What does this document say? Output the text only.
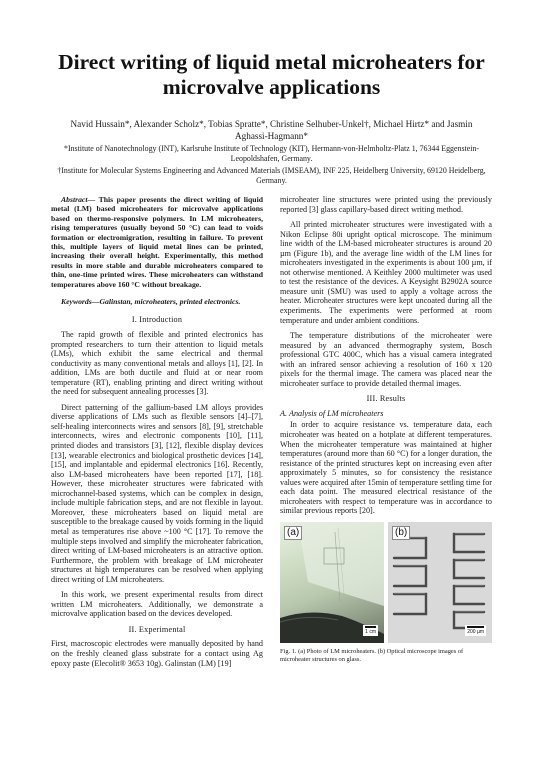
Direct writing of liquid metal microheaters for microvalve applications
Navid Hussain*, Alexander Scholz*, Tobias Spratte*, Christine Selhuber-Unkel†, Michael Hirtz* and Jasmin Aghassi-Hagmann*
*Institute of Nanotechnology (INT), Karlsruhe Institute of Technology (KIT), Hermann-von-Helmholtz-Platz 1, 76344 Eggenstein-Leopoldshafen, Germany.
†Institute for Molecular Systems Engineering and Advanced Materials (IMSEAM), INF 225, Heidelberg University, 69120 Heidelberg, Germany.
Abstract— This paper presents the direct writing of liquid metal (LM) based microheaters for microvalve applications based on thermo-responsive polymers. In LM microheaters, rising temperatures (usually beyond 50 °C) can lead to voids formation or electromigration, resulting in failure. To prevent this, multiple layers of liquid metal lines can be printed, increasing their overall height. Experimentally, this method results in more stable and durable microheaters compared to thin, one-time printed wires. These microheaters can withstand temperatures above 160 °C without breakage.
Keywords—Galinstan, microheaters, printed electronics.
I. Introduction

The rapid growth of flexible and printed electronics has prompted researchers to turn their attention to liquid metals (LMs), which exhibit the same electrical and thermal conductivity as many conventional metals and alloys [1], [2]. In addition, LMs are both ductile and fluid at or near room temperature (RT), enabling printing and direct writing without the need for subsequent annealing processes [3].

Direct patterning of the gallium-based LM alloys provides diverse applications of LMs such as flexible sensors [4]–[7], self-healing interconnects wires and sensors [8], [9], stretchable interconnects, wires and electronic components [10], [11], printed diodes and transistors [3], [12], flexible display devices [13], wearable electronics and biological prosthetic devices [14], [15], and implantable and epidermal electronics [16]. Recently, also LM-based microheaters have been reported [17], [18]. However, these microheater structures were fabricated with microchannel-based systems, which can be complex in design, include multiple fabrication steps, and are not flexible in layout. Moreover, these microheaters based on liquid metal are susceptible to the breakage caused by voids forming in the liquid metal as temperatures rise above ~100 °C [17]. To remove the multiple steps involved and simplify the microheater fabrication, direct writing of LM-based microheaters is an attractive option. Furthermore, the problem with breakage of LM microheater structures at high temperatures can be resolved when applying direct writing of LM microheaters.

In this work, we present experimental results from direct written LM microheaters. Additionally, we demonstrate a microvalve application based on the devices developed.

II. Experimental

First, macroscopic electrodes were manually deposited by hand on the freshly cleaned glass substrate for a contact using Ag epoxy paste (Elecolit® 3653 10g). Galinstan (LM) [19]

microheater line structures were printed using the previously reported [3] glass capillary-based direct writing method.

All printed microheater structures were investigated with a Nikon Eclipse 80i upright optical microscope. The minimum line width of the LM-based microheater structures is around 20 µm (Figure 1b), and the average line width of the LM lines for microheaters investigated in the experiments is about 100 µm, if not otherwise mentioned. A Keithley 2000 multimeter was used to test the resistance of the devices. A Keysight B2902A source measure unit (SMU) was used to apply a voltage across the heater. Microheater structures were kept uncoated during all the experiments. The experiments were performed at room temperature and under ambient conditions.

The temperature distributions of the microheater were measured by an advanced thermography system, Bosch professional GTC 400C, which has a visual camera integrated with an infrared sensor achieving a resolution of 160 x 120 pixels for the thermal image. The camera was placed near the microheater surface to provide detailed thermal images.

III. Results
A. Analysis of LM microheaters

In order to acquire resistance vs. temperature data, each microheater was heated on a hotplate at different temperatures. When the microheater temperature was maintained at higher temperatures (around more than 60 °C) for a longer duration, the resistance of the printed structures kept on increasing even after approximately 5 minutes, so for consistency the resistance values were acquired after 15min of temperature settling time for each data point. The measured electrical resistance of the microheaters with respect to temperature was in accordance to similar previous reports [20].

(a)
1 cm
(b)
200 µm
Fig. 1. (a) Photo of LM microheaters. (b) Optical microscope images of microheater structures on glass.
